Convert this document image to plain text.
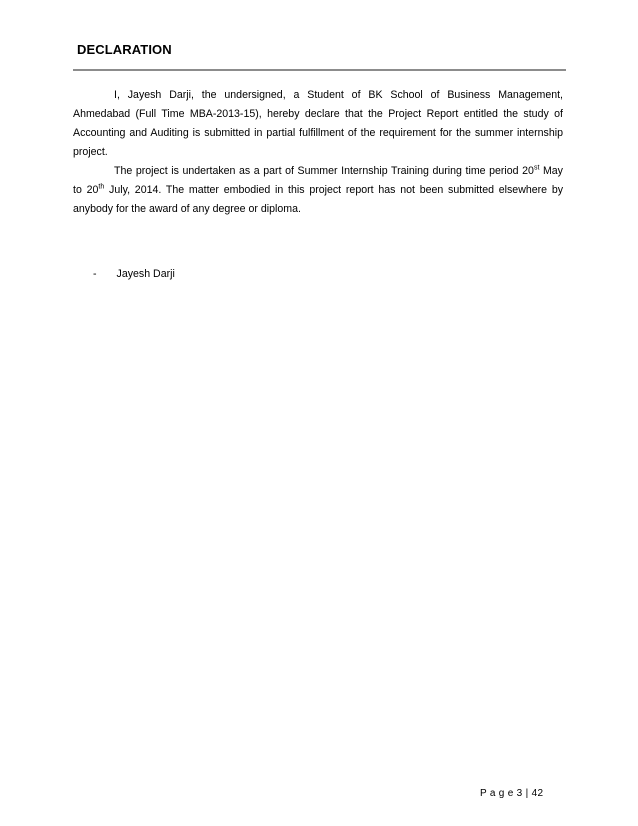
DECLARATION

I, Jayesh Darji, the undersigned, a Student of BK School of Business Management, Ahmedabad (Full Time MBA-2013-15), hereby declare that the Project Report entitled the study of Accounting and Auditing is submitted in partial fulfillment of the requirement for the summer internship project.

The project is undertaken as a part of Summer Internship Training during time period 20st May to 20th July, 2014. The matter embodied in this project report has not been submitted elsewhere by anybody for the award of any degree or diploma.

- Jayesh Darji
P a g e 3 | 42
